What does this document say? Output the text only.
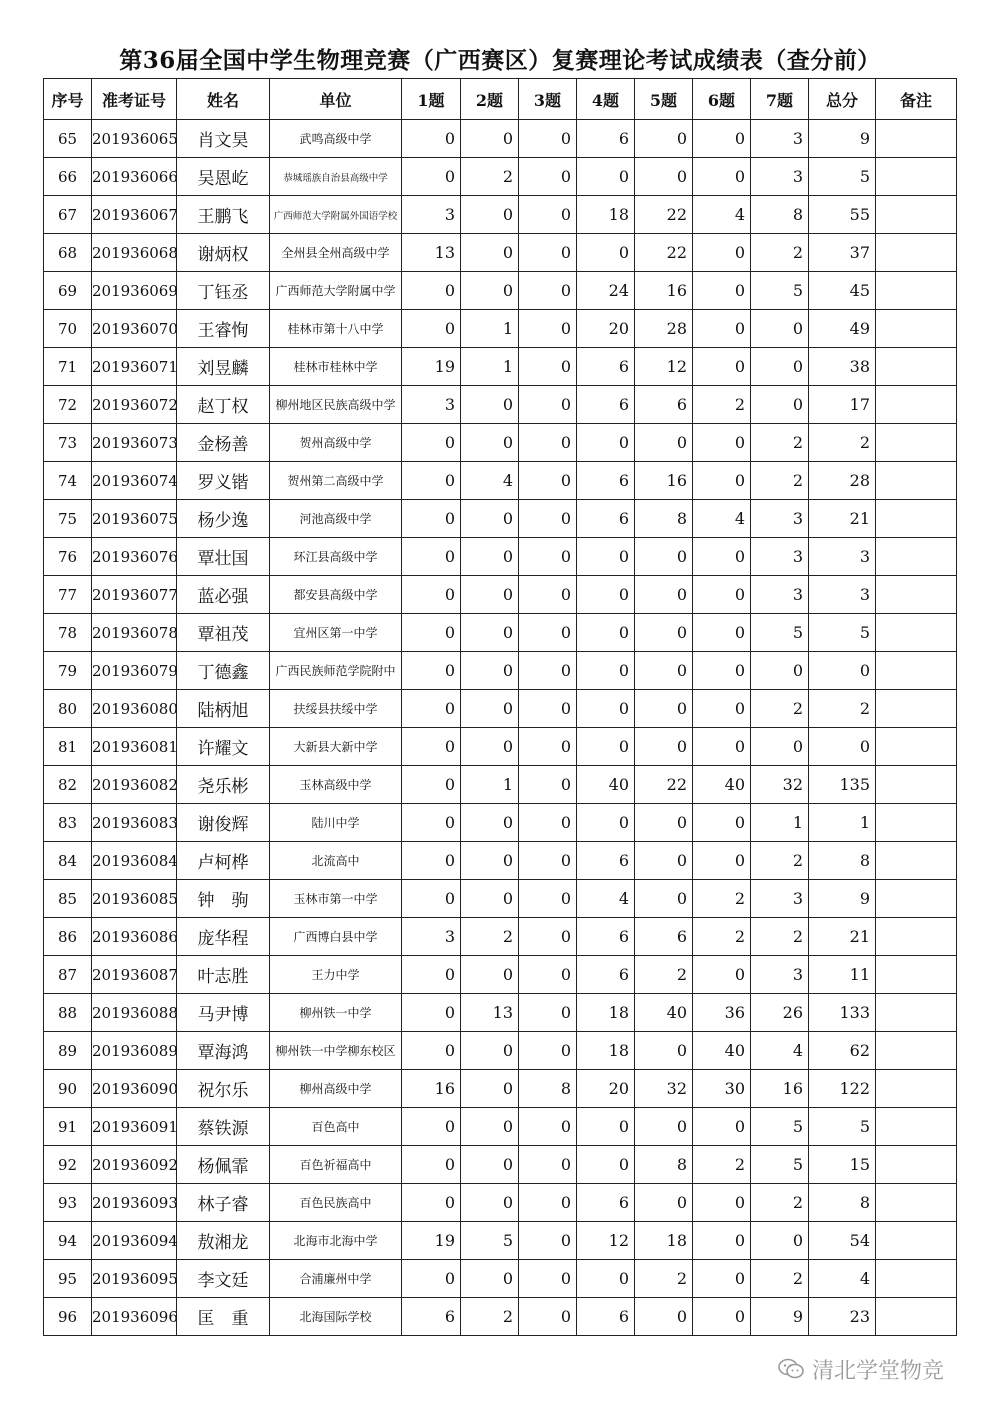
第36届全国中学生物理竞赛（广西赛区）复赛理论考试成绩表（查分前）
序号	准考证号	姓名	单位	1题	2题	3题	4题	5题	6题	7题	总分	备注
65	201936065	肖文昊	武鸣高级中学	0	0	0	6	0	0	3	9	
66	201936066	吴恩屹	恭城瑶族自治县高级中学	0	2	0	0	0	0	3	5	
67	201936067	王鹏飞	广西师范大学附属外国语学校	3	0	0	18	22	4	8	55	
68	201936068	谢炳权	全州县全州高级中学	13	0	0	0	22	0	2	37	
69	201936069	丁钰丞	广西师范大学附属中学	0	0	0	24	16	0	5	45	
70	201936070	王睿恂	桂林市第十八中学	0	1	0	20	28	0	0	49	
71	201936071	刘昱麟	桂林市桂林中学	19	1	0	6	12	0	0	38	
72	201936072	赵丁权	柳州地区民族高级中学	3	0	0	6	6	2	0	17	
73	201936073	金杨善	贺州高级中学	0	0	0	0	0	0	2	2	
74	201936074	罗义锴	贺州第二高级中学	0	4	0	6	16	0	2	28	
75	201936075	杨少逸	河池高级中学	0	0	0	6	8	4	3	21	
76	201936076	覃壮国	环江县高级中学	0	0	0	0	0	0	3	3	
77	201936077	蓝必强	都安县高级中学	0	0	0	0	0	0	3	3	
78	201936078	覃祖茂	宜州区第一中学	0	0	0	0	0	0	5	5	
79	201936079	丁德鑫	广西民族师范学院附中	0	0	0	0	0	0	0	0	
80	201936080	陆柄旭	扶绥县扶绥中学	0	0	0	0	0	0	2	2	
81	201936081	许耀文	大新县大新中学	0	0	0	0	0	0	0	0	
82	201936082	尧乐彬	玉林高级中学	0	1	0	40	22	40	32	135	
83	201936083	谢俊辉	陆川中学	0	0	0	0	0	0	1	1	
84	201936084	卢柯桦	北流高中	0	0	0	6	0	0	2	8	
85	201936085	钟　驹	玉林市第一中学	0	0	0	4	0	2	3	9	
86	201936086	庞华程	广西博白县中学	3	2	0	6	6	2	2	21	
87	201936087	叶志胜	王力中学	0	0	0	6	2	0	3	11	
88	201936088	马尹博	柳州铁一中学	0	13	0	18	40	36	26	133	
89	201936089	覃海鸿	柳州铁一中学柳东校区	0	0	0	18	0	40	4	62	
90	201936090	祝尔乐	柳州高级中学	16	0	8	20	32	30	16	122	
91	201936091	蔡铁源	百色高中	0	0	0	0	0	0	5	5	
92	201936092	杨佩霏	百色祈福高中	0	0	0	0	8	2	5	15	
93	201936093	林子睿	百色民族高中	0	0	0	6	0	0	2	8	
94	201936094	敖湘龙	北海市北海中学	19	5	0	12	18	0	0	54	
95	201936095	李文廷	合浦廉州中学	0	0	0	0	2	0	2	4	
96	201936096	匡　重	北海国际学校	6	2	0	6	0	0	9	23	
清北学堂物竞
